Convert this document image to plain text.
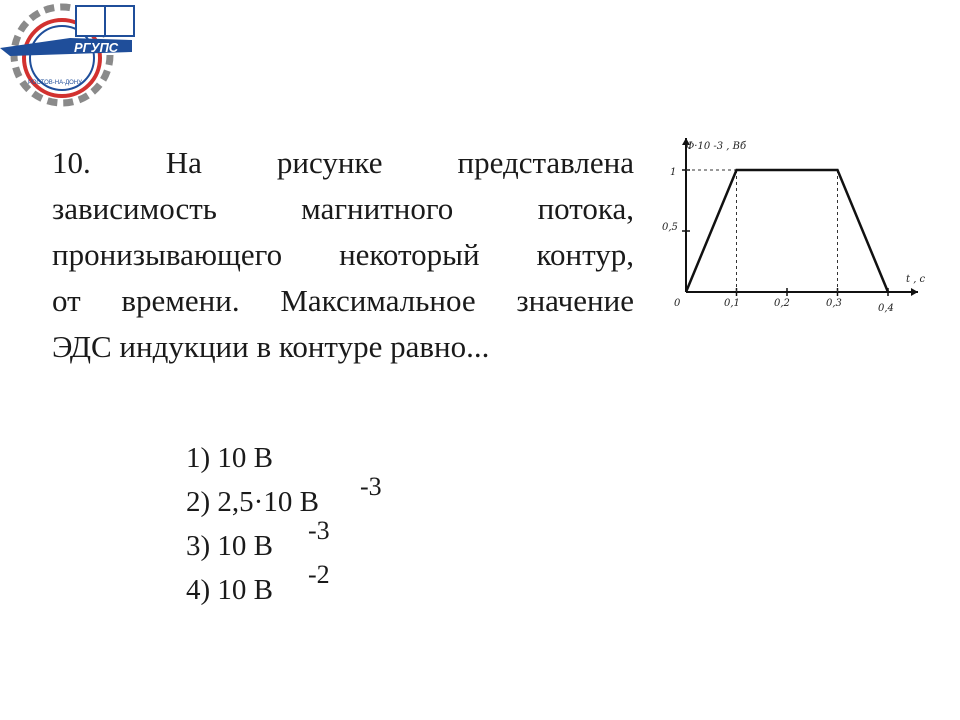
РГУПС
РОСТОВ-НА-ДОНУ
10. На рисунке представлена
зависимость	магнитного	потока,
пронизывающего некоторый контур,
от времени. Максимальное значение
ЭДС индукции в контуре равно...
1) 10 В
2) 2,5·10 В -3
3) 10 В -3
4) 10 В -2
Ф·10 -3 , Вб
t , c
1
0,5
0	0,1	0,2	0,3	0,4
